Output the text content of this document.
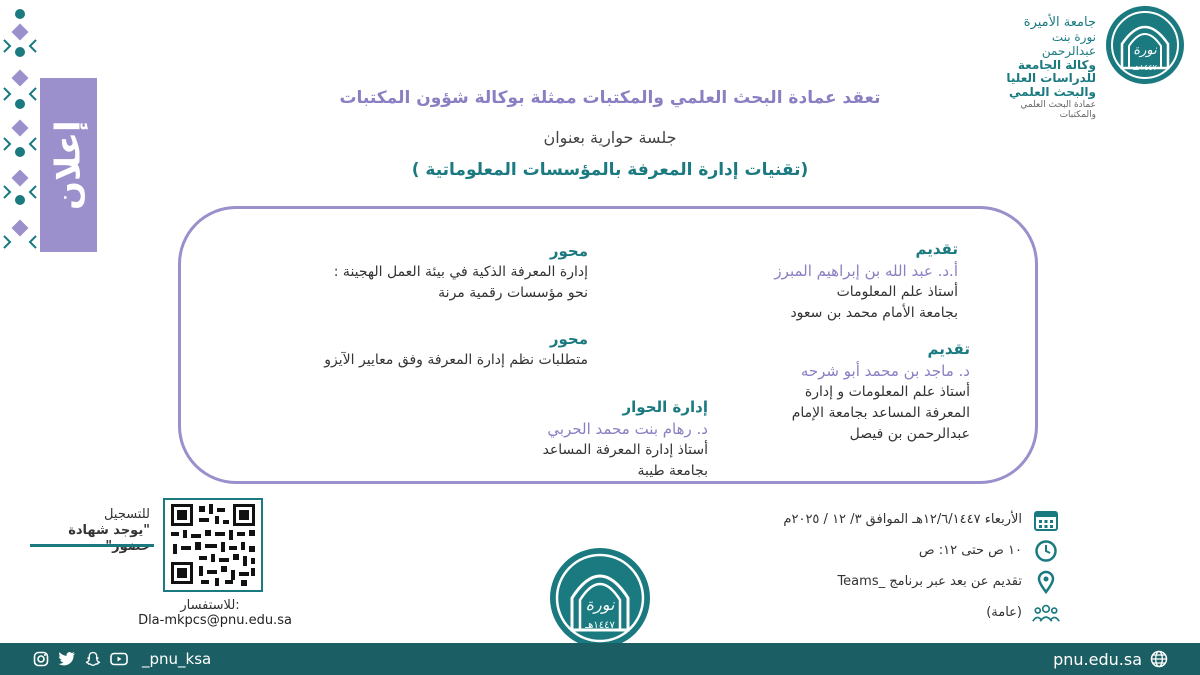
إعلان
جامعة الأميرة
نورة بنت عبدالرحمن
وكالة الجامعة للدراسات العليا
والبحث العلمي
عمادة البحث العلمي والمكتبات
نورة
١٤٤٧هـ
تعقد عمادة البحث العلمي والمكتبات ممثلة بوكالة شؤون المكتبات
جلسة حوارية بعنوان
(تقنيات إدارة المعرفة بالمؤسسات المعلوماتية )
تقديم
أ.د. عبد الله بن إبراهيم المبرز
أستاذ علم المعلومات
بجامعة الأمام محمد بن سعود
تقديم
د. ماجد بن محمد أبو شرحه
أستاذ علم المعلومات و إدارة
المعرفة المساعد بجامعة الإمام
عبدالرحمن بن فيصل
محور
إدارة المعرفة الذكية في بيئة العمل الهجينة :
نحو مؤسسات رقمية مرنة
محور
متطلبات نظم إدارة المعرفة وفق معايير الآيزو
إدارة الحوار
د. رهام بنت محمد الحربي
أستاذ إدارة المعرفة المساعد
بجامعة طيبة
الأربعاء ١٢/٦/١٤٤٧هـ الموافق ٣/ ١٢ / ٢٠٢٥م
١٠ ص حتى ١٢: ص
تقديم عن بعد عبر برنامج _Teams
(عامة)
للتسجيل
"يوجد شهادة
للاستفسار:
Dla-mkpcs@pnu.edu.sa
نورة
١٤٤٧هـ
_pnu_ksa	pnu.edu.sa
